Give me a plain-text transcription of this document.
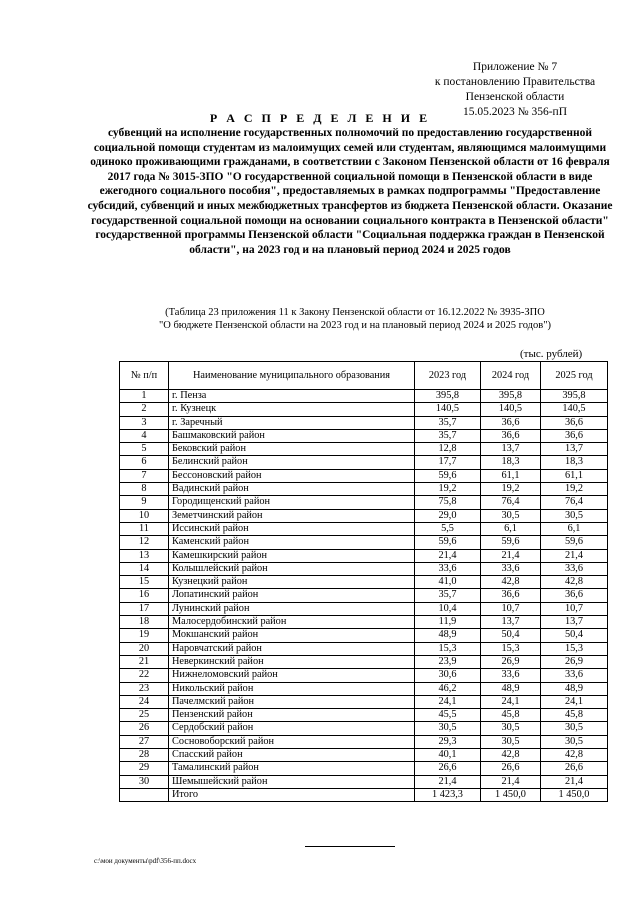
Приложение № 7
к постановлению Правительства
Пензенской области
15.05.2023 № 356-пП
Р А С П Р Е Д Е Л Е Н И Е
субвенций на исполнение государственных полномочий по предоставлению государственной социальной помощи студентам из малоимущих семей или студентам, являющимся малоимущими одиноко проживающими гражданами, в соответствии с Законом Пензенской области от 16 февраля 2017 года № 3015-ЗПО "О государственной социальной помощи в Пензенской области в виде ежегодного социального пособия", предоставляемых в рамках подпрограммы "Предоставление субсидий, субвенций и иных межбюджетных трансфертов из бюджета Пензенской области. Оказание государственной социальной помощи на основании социального контракта в Пензенской области" государственной программы Пензенской области "Социальная поддержка граждан в Пензенской области", на 2023 год и на плановый период 2024 и 2025 годов
(Таблица 23 приложения 11 к Закону Пензенской области от 16.12.2022 № 3935-ЗПО
"О бюджете Пензенской области на 2023 год и на плановый период 2024 и 2025 годов")
(тыс. рублей)
№ п/п	Наименование муниципального образования	2023 год	2024 год	2025 год
1	г. Пенза	395,8	395,8	395,8
2	г. Кузнецк	140,5	140,5	140,5
3	г. Заречный	35,7	36,6	36,6
4	Башмаковский район	35,7	36,6	36,6
5	Бековский район	12,8	13,7	13,7
6	Белинский район	17,7	18,3	18,3
7	Бессоновский район	59,6	61,1	61,1
8	Вадинский район	19,2	19,2	19,2
9	Городищенский район	75,8	76,4	76,4
10	Земетчинский район	29,0	30,5	30,5
11	Иссинский район	5,5	6,1	6,1
12	Каменский район	59,6	59,6	59,6
13	Камешкирский район	21,4	21,4	21,4
14	Колышлейский район	33,6	33,6	33,6
15	Кузнецкий район	41,0	42,8	42,8
16	Лопатинский район	35,7	36,6	36,6
17	Лунинский район	10,4	10,7	10,7
18	Малосердобинский район	11,9	13,7	13,7
19	Мокшанский район	48,9	50,4	50,4
20	Наровчатский район	15,3	15,3	15,3
21	Неверкинский район	23,9	26,9	26,9
22	Нижнеломовский район	30,6	33,6	33,6
23	Никольский район	46,2	48,9	48,9
24	Пачелмский район	24,1	24,1	24,1
25	Пензенский район	45,5	45,8	45,8
26	Сердобский район	30,5	30,5	30,5
27	Сосновоборский район	29,3	30,5	30,5
28	Спасский район	40,1	42,8	42,8
29	Тамалинский район	26,6	26,6	26,6
30	Шемышейский район	21,4	21,4	21,4
	Итого	1 423,3	1 450,0	1 450,0
c:\мои документы\pdf\356-пп.docx
